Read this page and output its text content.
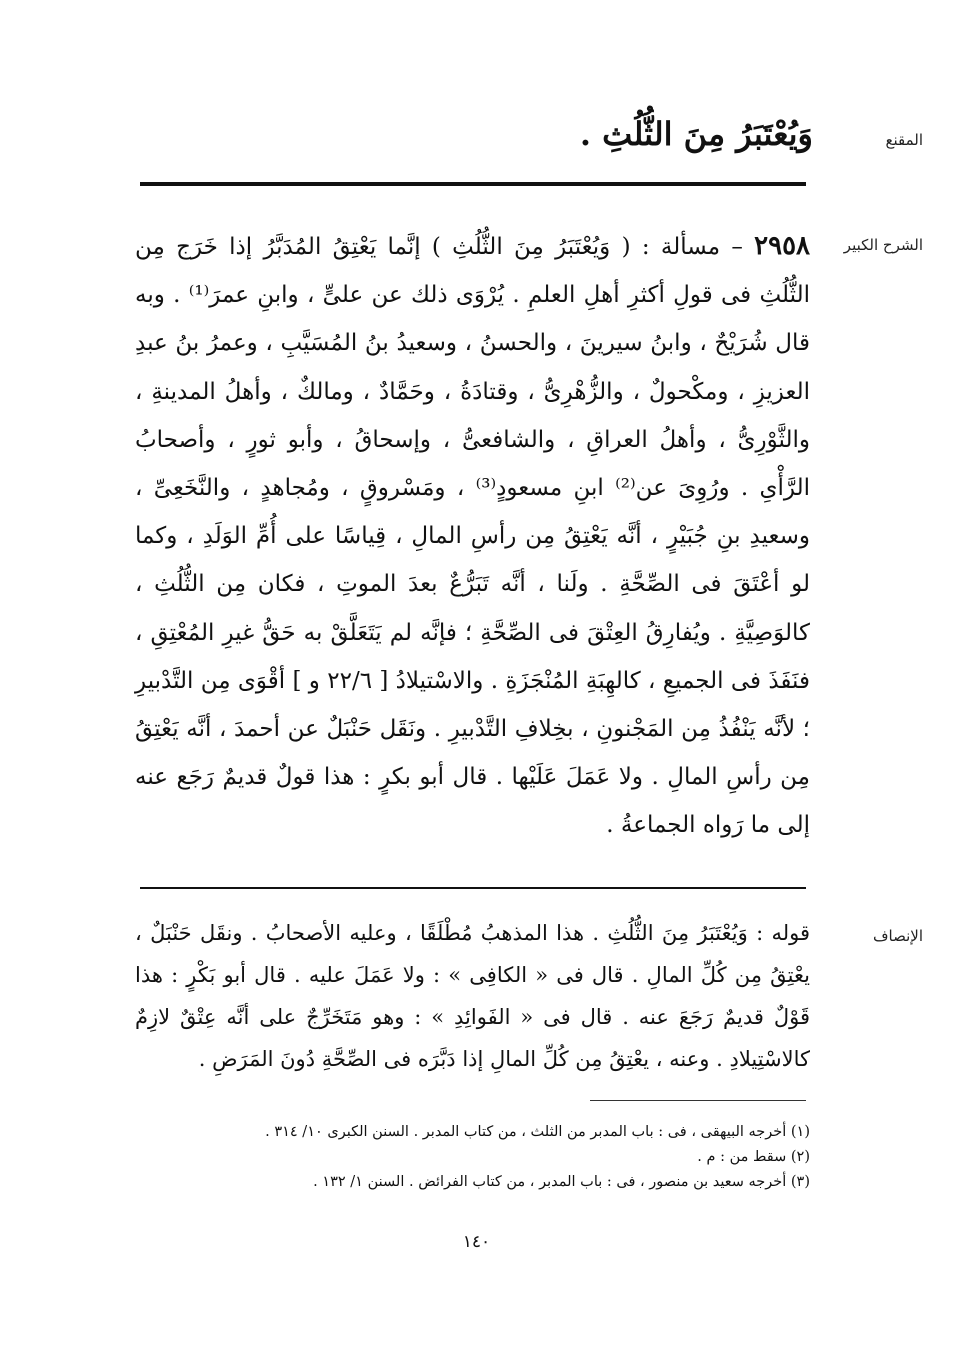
المقنع
وَيُعْتَبَرُ مِنَ الثُّلُثِ .
الشرح الكبير

٢٩٥٨ – مسألة : ( وَيُعْتَبَرُ مِنَ الثُّلُثِ ) إنَّما يَعْتِقُ المُدَبَّرُ إذا خَرَج مِن الثُّلُثِ فى قولِ أكثرِ أهلِ العلمِ . يُرْوَى ذلك عن علىٍّ ، وابنِ عمرَ⁽¹⁾ . وبه قال شُرَيْحٌ ، وابنُ سيرينَ ، والحسنُ ، وسعيدُ بنُ المُسَيَّبِ ، وعمرُ بنُ عبدِ العزيزِ ، ومكْحولٌ ، والزُّهْرِىُّ ، وقتادَةُ ، وحَمَّادٌ ، ومالكٌ ، وأهلُ المدينةِ ، والثَّوْرِىُّ ، وأهلُ العراقِ ، والشافعىُّ ، وإسحاقُ ، وأبو ثورٍ ، وأصحابُ الرَّأْىِ . ورُوِىَ عن⁽²⁾ ابنِ مسعودٍ⁽³⁾ ، ومَسْروقٍ ، ومُجاهدٍ ، والنَّخَعِىِّ ، وسعيدِ بنِ جُبَيْرٍ ، أنَّه يَعْتِقُ مِن رأسِ المالِ ، قِياسًا على أُمِّ الوَلَدِ ، وكما لو أعْتَقَ فى الصِّحَّةِ . ولَنا ، أنَّه تَبَرُّعٌ بعدَ الموتِ ، فكان مِن الثُّلُثِ ، كالوَصِيَّةِ . ويُفارِقُ العِتْقَ فى الصِّحَّةِ ؛ فإنَّه لم يَتَعَلَّقْ به حَقُّ غيرِ المُعْتِقِ ، فنَفَذَ فى الجميعِ ، كالهِبَةِ المُنْجَزَةِ . والاسْتيلادُ [ ٢٢/٦ و ] أقْوَى مِن التَّدْبيرِ ؛ لأنَّه يَنْفُذُ مِن المَجْنونِ ، بخِلافِ التَّدْبيرِ . ونَقَل حَنْبَلٌ عن أحمدَ ، أنَّه يَعْتِقُ مِن رأسِ المالِ . ولا عَمَلَ عَلَيْها . قال أبو بكرٍ : هذا قولٌ قديمٌ رَجَع عنه إلى ما رَواه الجماعةُ .

الإنصاف

قوله : وَيُعْتَبَرُ مِنَ الثُّلُثِ . هذا المذهبُ مُطْلَقًا ، وعليه الأصحابُ . ونقَل حَنْبَلٌ ، يعْتِقُ مِن كُلِّ المالِ . قال فى « الكافِى » : ولا عَمَلَ عليه . قال أبو بَكْرٍ : هذا قَوْلٌ قديمٌ رَجَعَ عنه . قال فى « الفَوائِدِ » : وهو مَتَخَرِّجٌ على أنَّه عِتْقٌ لازِمٌ كالاسْتِيلادِ . وعنه ، يعْتِقُ مِن كُلِّ المالِ إذا دَبَّرَه فى الصِّحَّةِ دُونَ المَرَضِ .

(١) أخرجه البيهقى ، فى : باب المدبر من الثلث ، من كتاب المدبر . السنن الكبرى ١٠/ ٣١٤ .

(٢) سقط من : م .

(٣) أخرجه سعيد بن منصور ، فى : باب المدبر ، من كتاب الفرائض . السنن ١/ ١٣٢ .

١٤٠
